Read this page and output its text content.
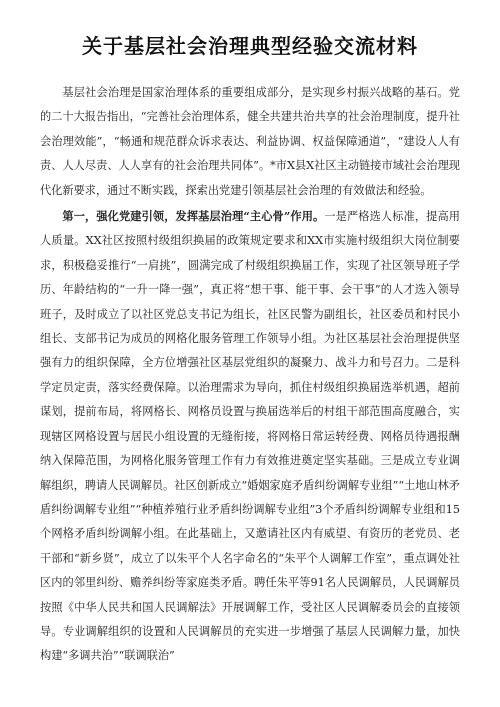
关于基层社会治理典型经验交流材料

基层社会治理是国家治理体系的重要组成部分，是实现乡村振兴战略的基石。党的二十大报告指出，“完善社会治理体系，健全共建共治共享的社会治理制度，提升社会治理效能”，“畅通和规范群众诉求表达、利益协调、权益保障通道”，“建设人人有责、人人尽责、人人享有的社会治理共同体”。*市X县X社区主动链接市域社会治理现代化新要求，通过不断实践，探索出党建引领基层社会治理的有效做法和经验。

第一，强化党建引领，发挥基层治理“主心骨”作用。一是严格选人标准，提高用人质量。XX社区按照村级组织换届的政策规定要求和XX市实施村级组织大岗位制要求，积极稳妥推行“一肩挑”，圆满完成了村级组织换届工作，实现了社区领导班子学历、年龄结构的“一升一降一强”，真正将“想干事、能干事、会干事”的人才选入领导班子，及时成立了以社区党总支书记为组长，社区民警为副组长，社区委员和村民小组长、支部书记为成员的网格化服务管理工作领导小组。为社区基层社会治理提供坚强有力的组织保障，全方位增强社区基层党组织的凝聚力、战斗力和号召力。二是科学定员定责，落实经费保障。以治理需求为导向，抓住村级组织换届选举机遇，超前谋划，提前布局，将网格长、网格员设置与换届选举后的村组干部范围高度融合，实现辖区网格设置与居民小组设置的无缝衔接，将网格日常运转经费、网格员待遇报酬纳入保障范围，为网格化服务管理工作有力有效推进奠定坚实基础。三是成立专业调解组织，聘请人民调解员。社区创新成立“婚姻家庭矛盾纠纷调解专业组”“土地山林矛盾纠纷调解专业组”“种植养殖行业矛盾纠纷调解专业组”3个矛盾纠纷调解专业组和15个网格矛盾纠纷调解小组。在此基础上，又邀请社区内有威望、有资历的老党员、老干部和“新乡贤”，成立了以朱平个人名字命名的“朱平个人调解工作室”，重点调处社区内的邻里纠纷、赡养纠纷等家庭类矛盾。聘任朱平等91名人民调解员，人民调解员按照《中华人民共和国人民调解法》开展调解工作，受社区人民调解委员会的直接领导。专业调解组织的设置和人民调解员的充实进一步增强了基层人民调解力量，加快构建“多调共治”“联调联治”
